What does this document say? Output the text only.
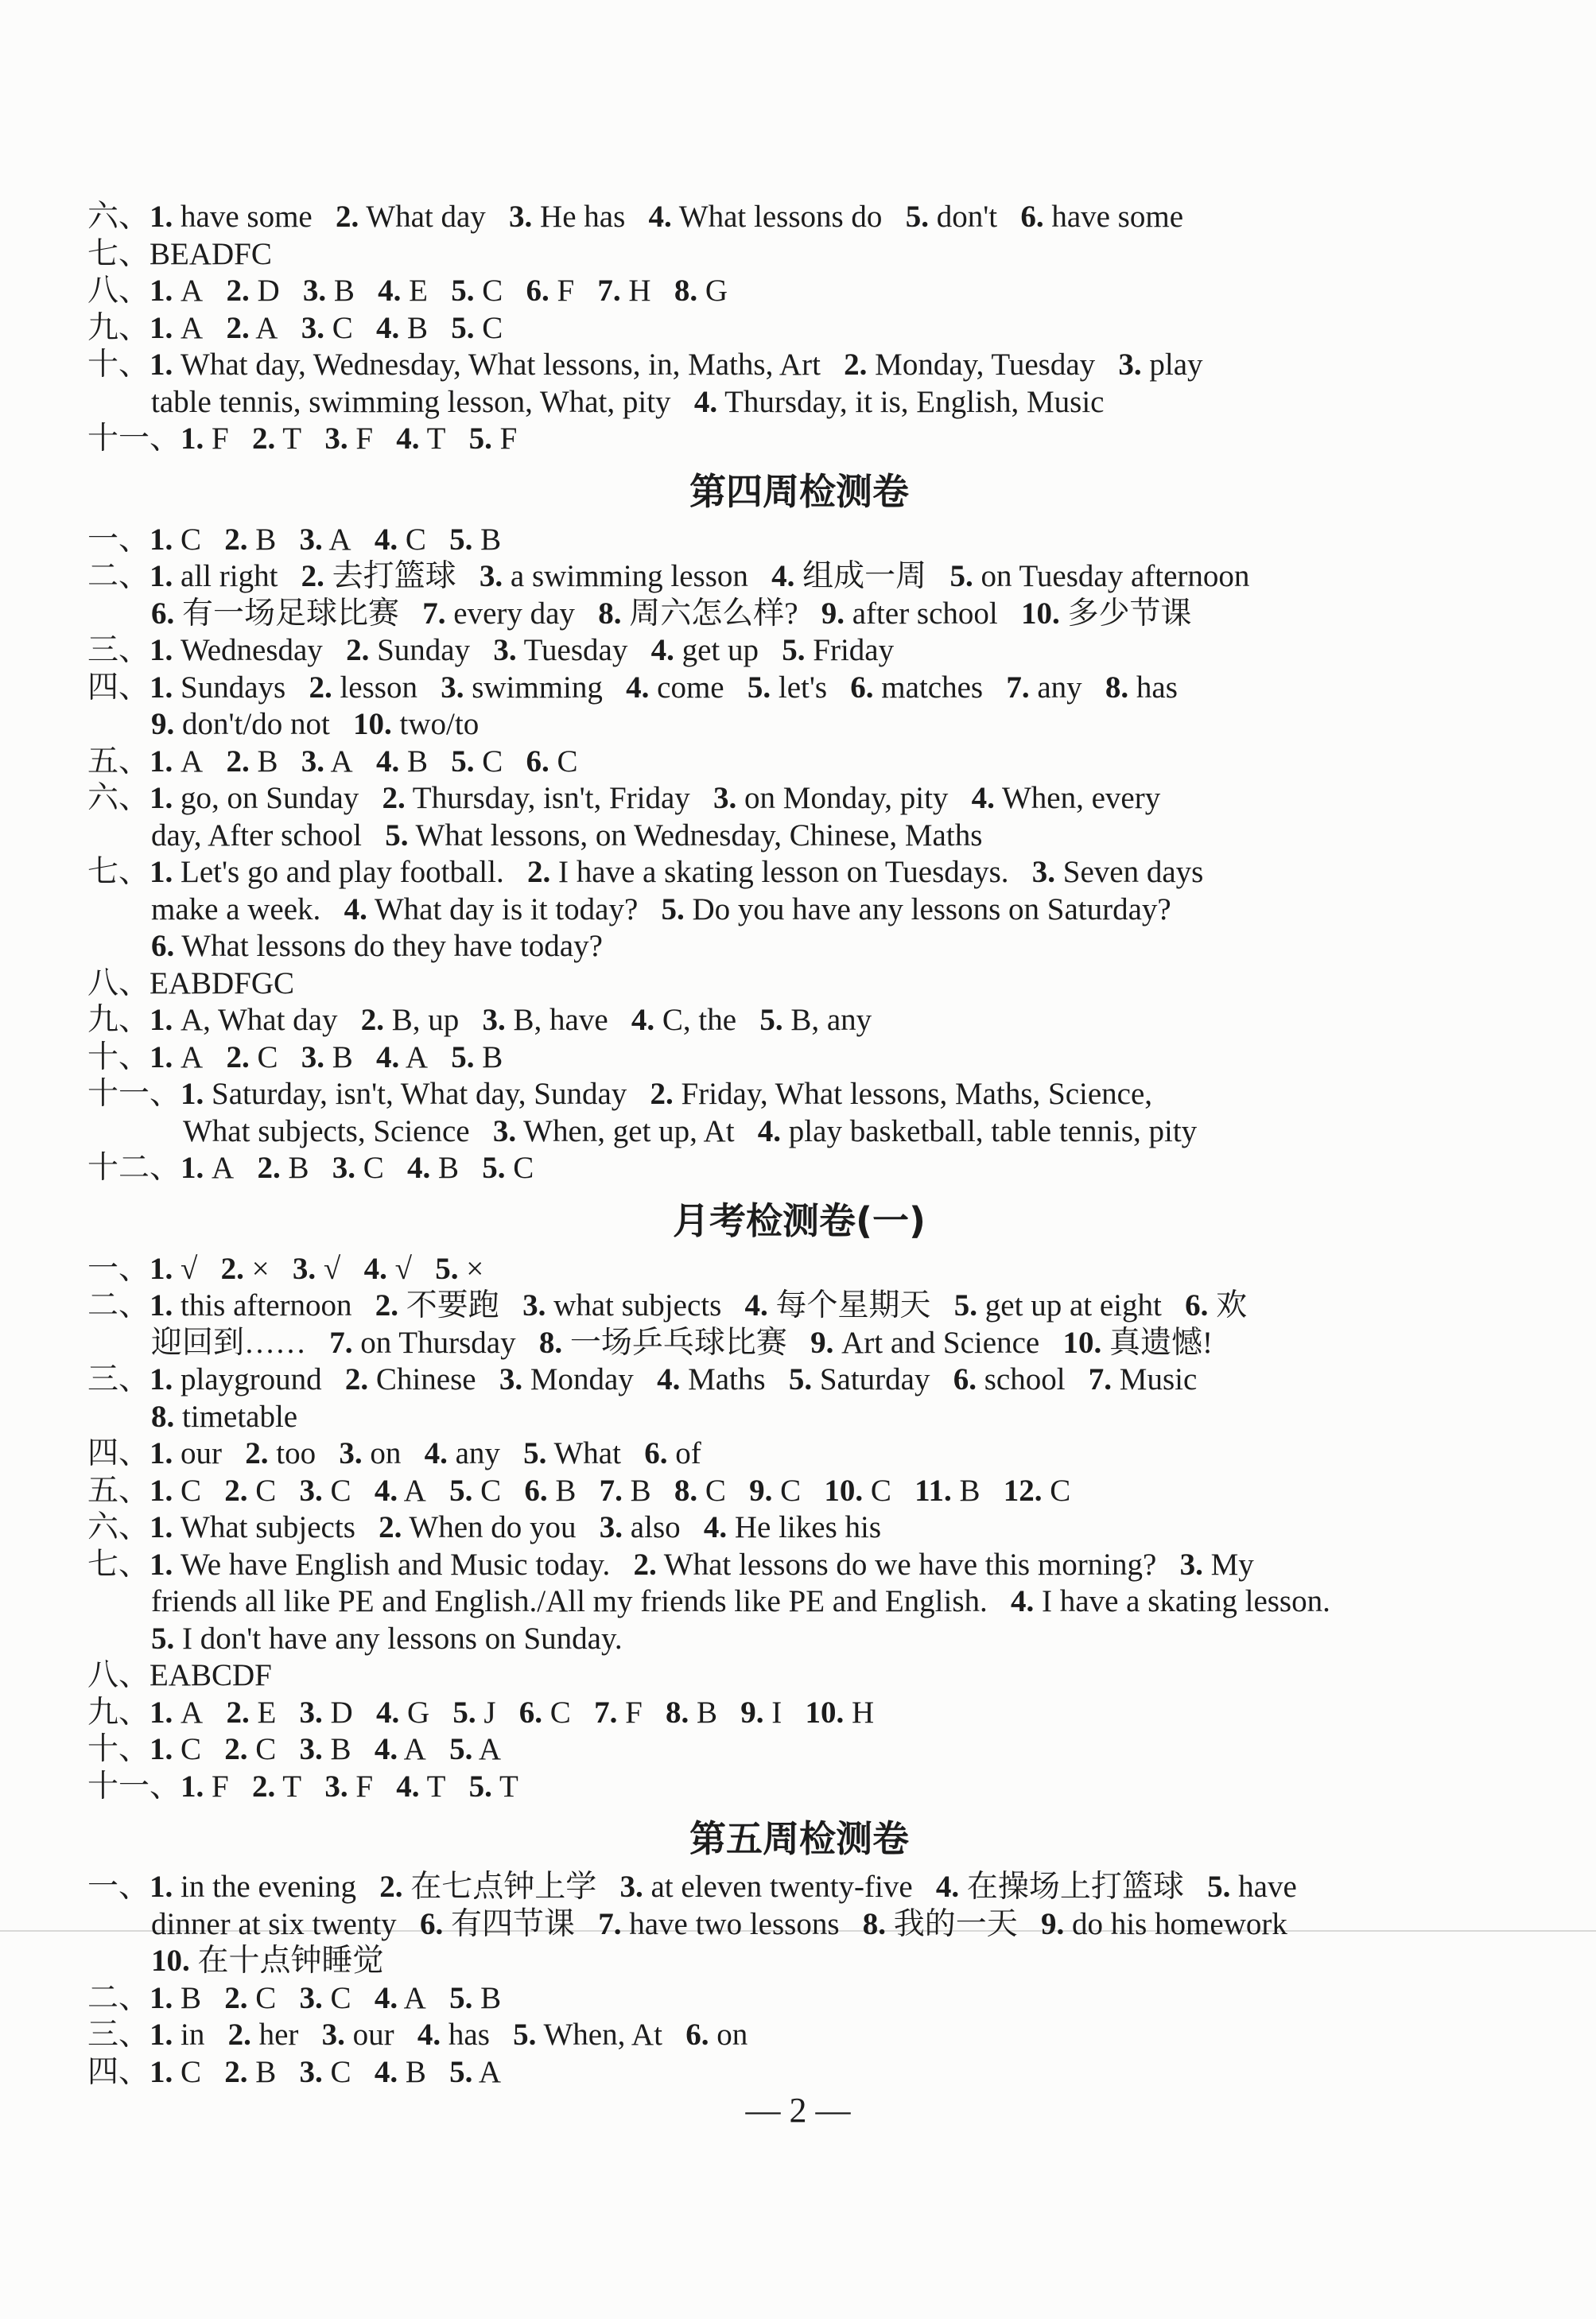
六、1. have some   2. What day   3. He has   4. What lessons do   5. don't   6. have some
七、BEADFC
八、1. A   2. D   3. B   4. E   5. C   6. F   7. H   8. G
九、1. A   2. A   3. C   4. B   5. C
十、1. What day, Wednesday, What lessons, in, Maths, Art   2. Monday, Tuesday   3. play
table tennis, swimming lesson, What, pity   4. Thursday, it is, English, Music
十一、1. F   2. T   3. F   4. T   5. F
第四周检测卷
一、1. C   2. B   3. A   4. C   5. B
二、1. all right   2. 去打篮球   3. a swimming lesson   4. 组成一周   5. on Tuesday afternoon
6. 有一场足球比赛   7. every day   8. 周六怎么样?   9. after school   10. 多少节课
三、1. Wednesday   2. Sunday   3. Tuesday   4. get up   5. Friday
四、1. Sundays   2. lesson   3. swimming   4. come   5. let's   6. matches   7. any   8. has
9. don't/do not   10. two/to
五、1. A   2. B   3. A   4. B   5. C   6. C
六、1. go, on Sunday   2. Thursday, isn't, Friday   3. on Monday, pity   4. When, every
day, After school   5. What lessons, on Wednesday, Chinese, Maths
七、1. Let's go and play football.   2. I have a skating lesson on Tuesdays.   3. Seven days
make a week.   4. What day is it today?   5. Do you have any lessons on Saturday?
6. What lessons do they have today?
八、EABDFGC
九、1. A, What day   2. B, up   3. B, have   4. C, the   5. B, any
十、1. A   2. C   3. B   4. A   5. B
十一、1. Saturday, isn't, What day, Sunday   2. Friday, What lessons, Maths, Science,
What subjects, Science   3. When, get up, At   4. play basketball, table tennis, pity
十二、1. A   2. B   3. C   4. B   5. C
月考检测卷(一)
一、1. √   2. ×   3. √   4. √   5. ×
二、1. this afternoon   2. 不要跑   3. what subjects   4. 每个星期天   5. get up at eight   6. 欢
迎回到……   7. on Thursday   8. 一场乒乓球比赛   9. Art and Science   10. 真遗憾!
三、1. playground   2. Chinese   3. Monday   4. Maths   5. Saturday   6. school   7. Music
8. timetable
四、1. our   2. too   3. on   4. any   5. What   6. of
五、1. C   2. C   3. C   4. A   5. C   6. B   7. B   8. C   9. C   10. C   11. B   12. C
六、1. What subjects   2. When do you   3. also   4. He likes his
七、1. We have English and Music today.   2. What lessons do we have this morning?   3. My
friends all like PE and English./All my friends like PE and English.   4. I have a skating lesson.
5. I don't have any lessons on Sunday.
八、EABCDF
九、1. A   2. E   3. D   4. G   5. J   6. C   7. F   8. B   9. I   10. H
十、1. C   2. C   3. B   4. A   5. A
十一、1. F   2. T   3. F   4. T   5. T
第五周检测卷
一、1. in the evening   2. 在七点钟上学   3. at eleven twenty-five   4. 在操场上打篮球   5. have
dinner at six twenty   6. 有四节课   7. have two lessons   8. 我的一天   9. do his homework
10. 在十点钟睡觉
二、1. B   2. C   3. C   4. A   5. B
三、1. in   2. her   3. our   4. has   5. When, At   6. on
四、1. C   2. B   3. C   4. B   5. A
— 2 —
